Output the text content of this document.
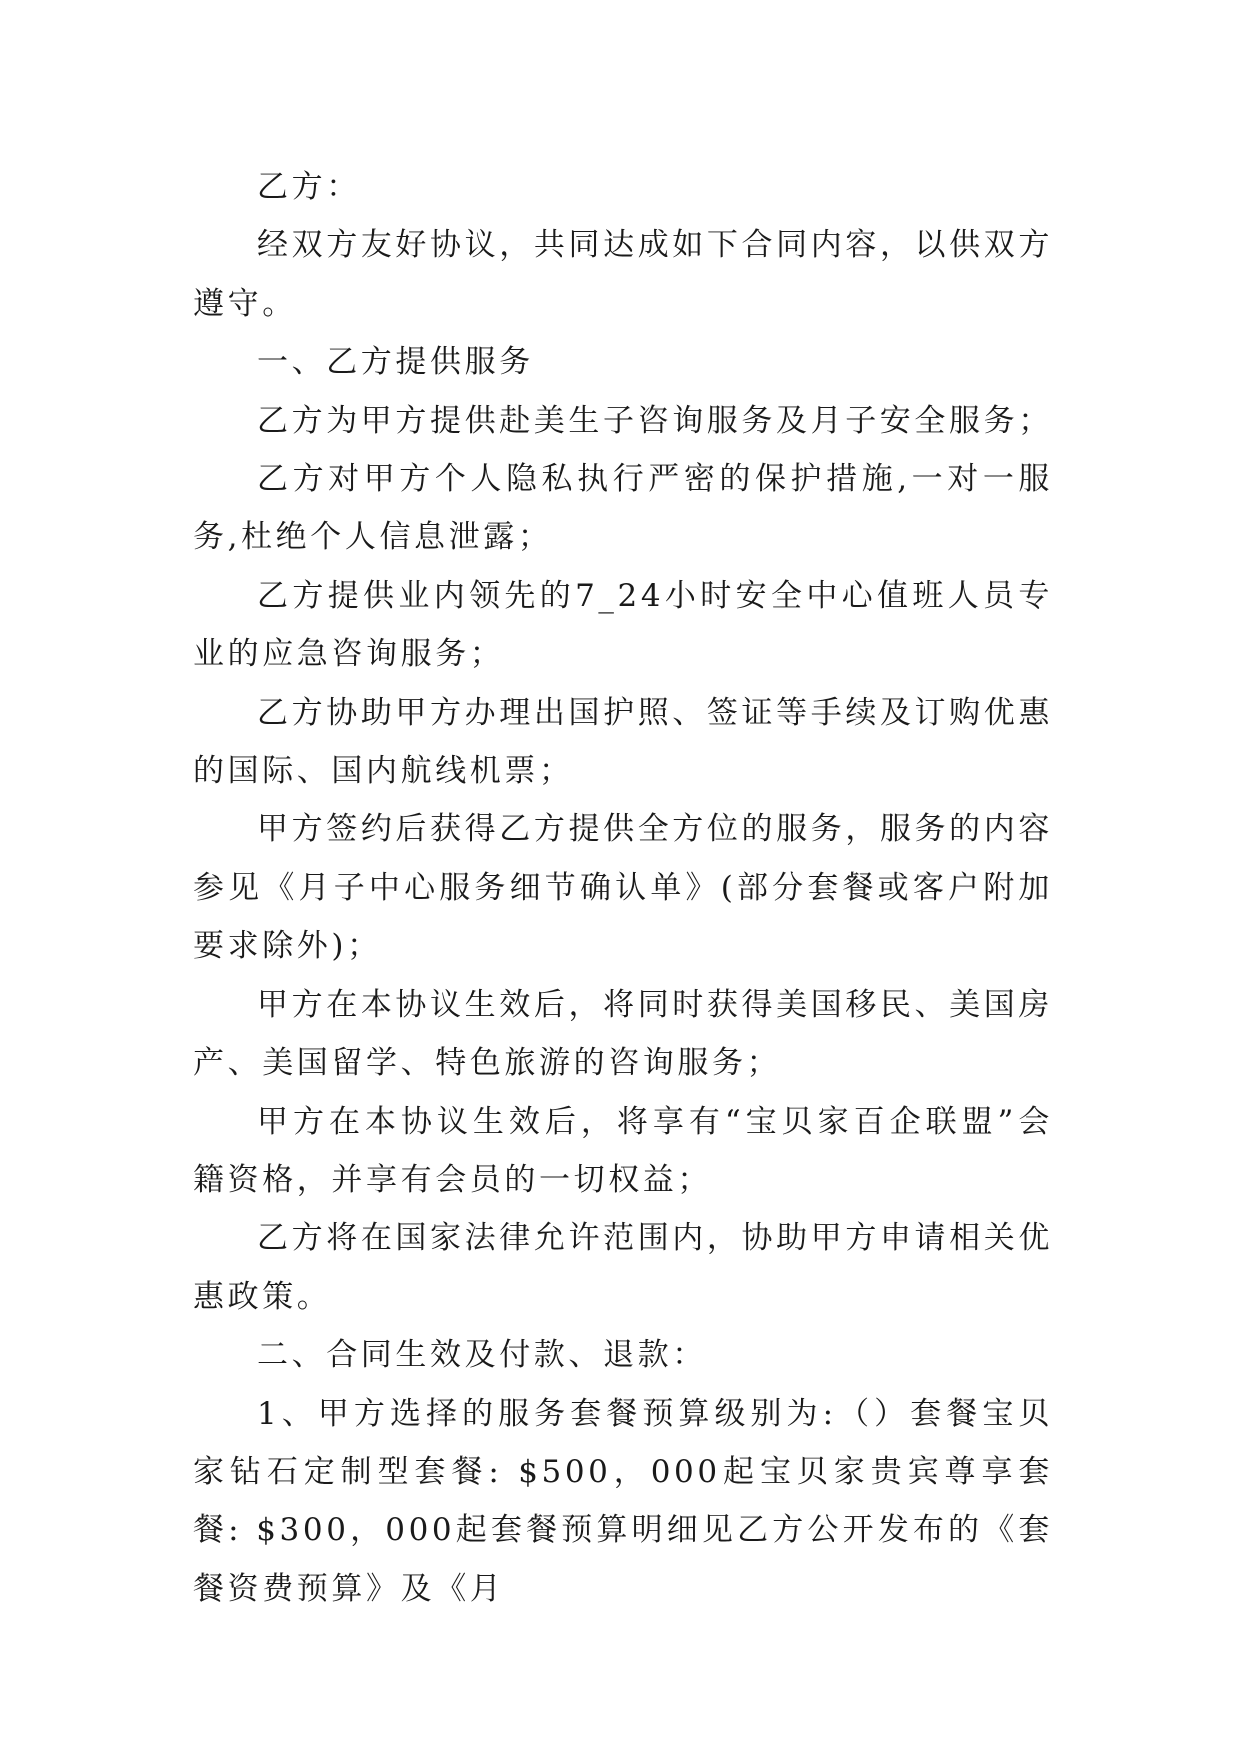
乙方：

经双方友好协议，共同达成如下合同内容，以供双方遵守。

一、乙方提供服务

乙方为甲方提供赴美生子咨询服务及月子安全服务；

乙方对甲方个人隐私执行严密的保护措施,一对一服务,杜绝个人信息泄露；

乙方提供业内领先的7_24小时安全中心值班人员专业的应急咨询服务；

乙方协助甲方办理出国护照、签证等手续及订购优惠的国际、国内航线机票；

甲方签约后获得乙方提供全方位的服务，服务的内容参见《月子中心服务细节确认单》(部分套餐或客户附加要求除外)；

甲方在本协议生效后，将同时获得美国移民、美国房产、美国留学、特色旅游的咨询服务；

甲方在本协议生效后，将享有“宝贝家百企联盟”会籍资格，并享有会员的一切权益；

乙方将在国家法律允许范围内，协助甲方申请相关优惠政策。

二、合同生效及付款、退款：

1、甲方选择的服务套餐预算级别为:（）套餐宝贝家钻石定制型套餐: $500，000起宝贝家贵宾尊享套餐: $300，000起套餐预算明细见乙方公开发布的《套餐资费预算》及《月
